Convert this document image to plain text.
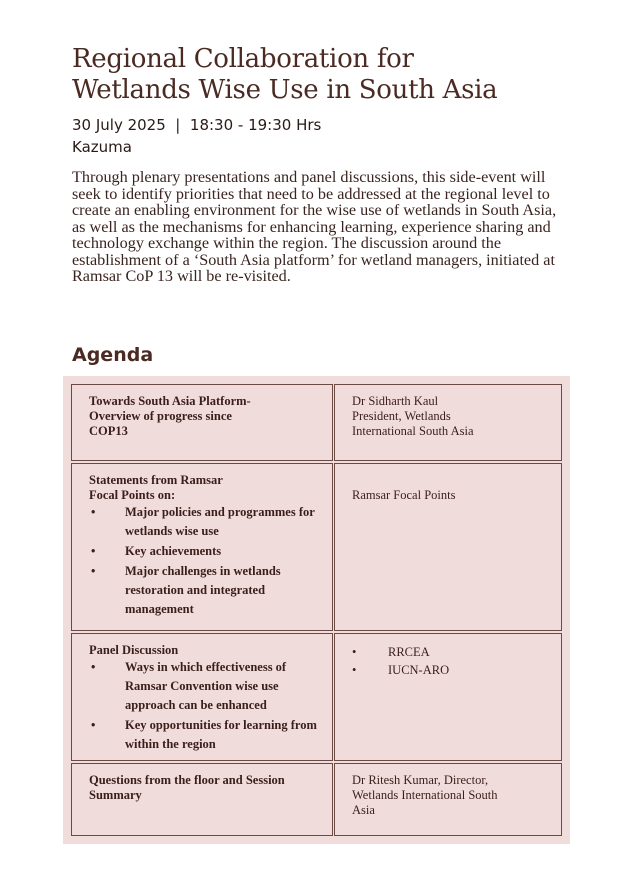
Regional Collaboration for
Wetlands Wise Use in South Asia
30 July 2025  |  18:30 - 19:30 Hrs
Kazuma

Through plenary presentations and panel discussions, this side-event will seek to identify priorities that need to be addressed at the regional level to create an enabling environment for the wise use of wetlands in South Asia, as well as the mechanisms for enhancing learning, experience sharing and technology exchange within the region. The discussion around the establishment of a ‘South Asia platform’ for wetland managers, initiated at Ramsar CoP 13 will be re-visited.

Agenda
Towards South Asia Platform-
Overview of progress since
COP13
Dr Sidharth Kaul
President, Wetlands
International South Asia
Statements from Ramsar
Focal Points on:
• Major policies and programmes for wetlands wise use
• Key achievements
• Major challenges in wetlands restoration and integrated management
Ramsar Focal Points
Panel Discussion
• Ways in which effectiveness of Ramsar Convention wise use approach can be enhanced
• Key opportunities for learning from within the region
•	RRCEA
•	IUCN-ARO
Questions from the floor and Session
Summary
Dr Ritesh Kumar, Director,
Wetlands International South
Asia
